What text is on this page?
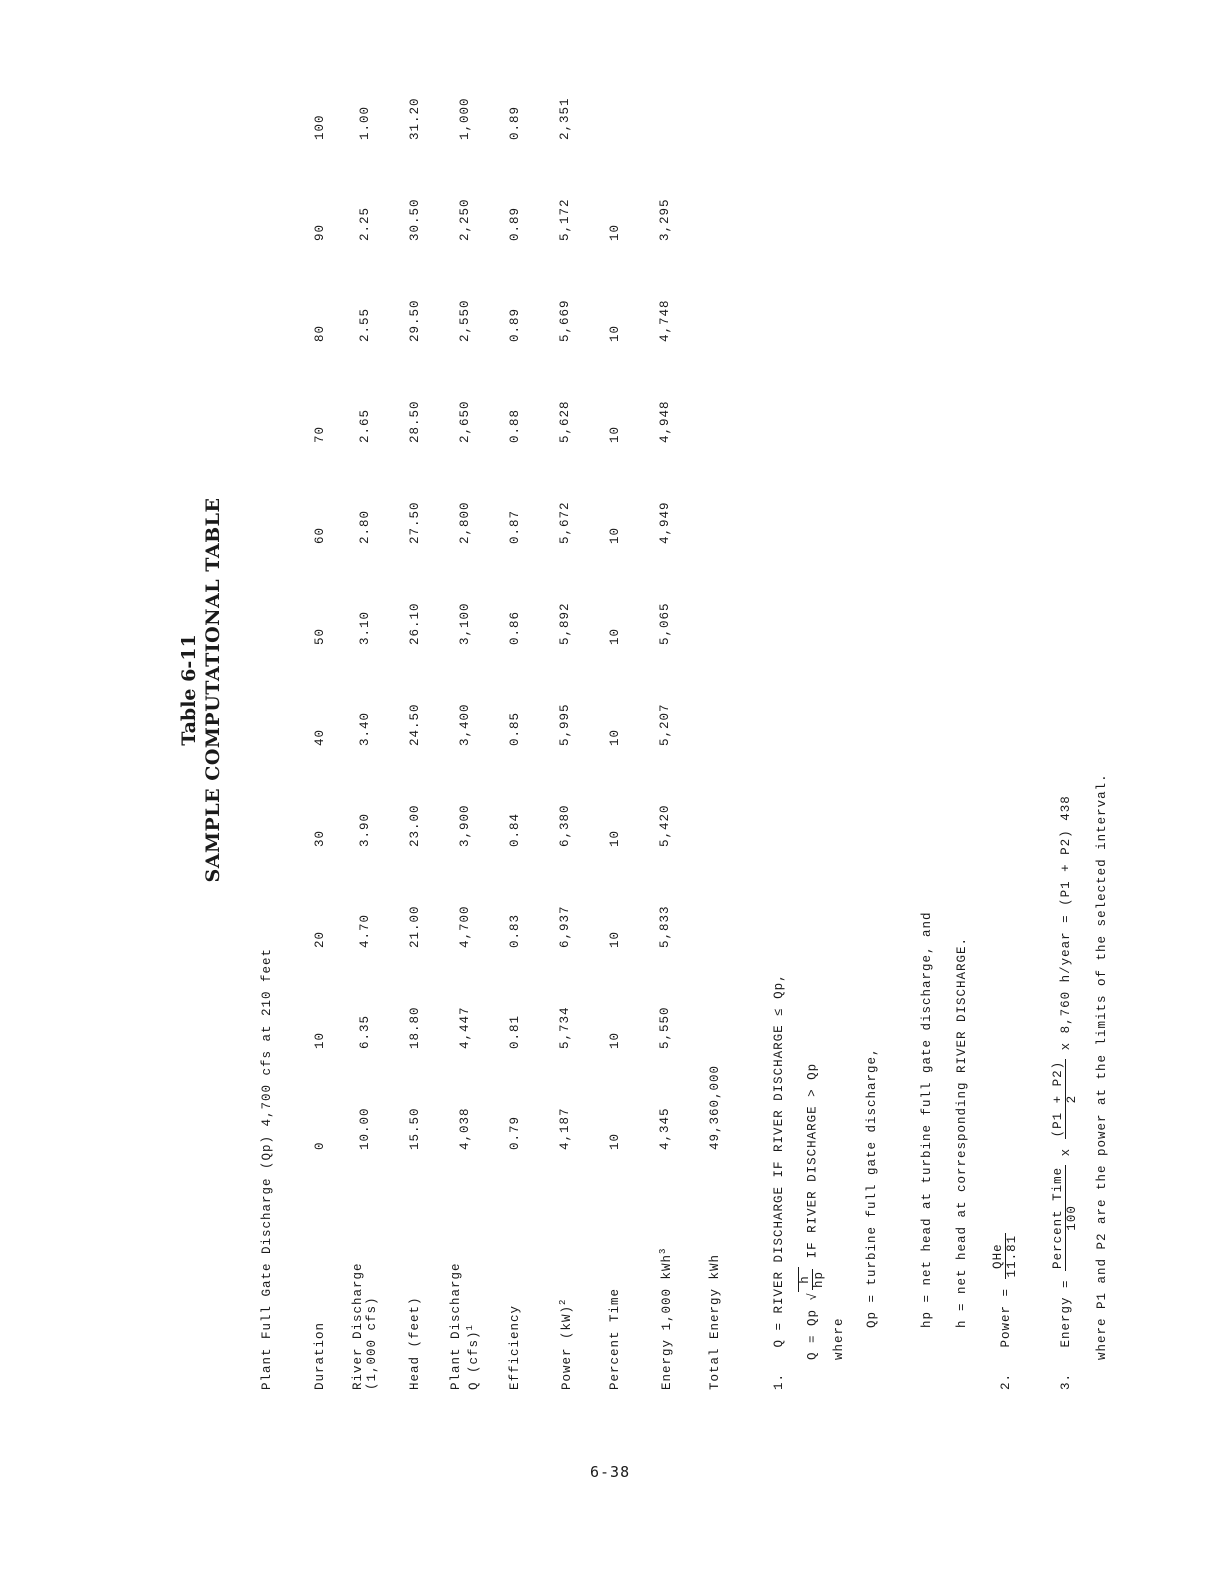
Table 6-11 SAMPLE COMPUTATIONAL TABLE
Plant Full Gate Discharge (Qp) 4,700 cfs at 210 feet	Duration	0	10	20	30	40	50	60	70	80	90	100
River Discharge
(1,000 cfs)	10.00	6.35	4.70	3.90	3.40	3.10	2.80	2.65	2.55	2.25	1.00
Head (feet)	15.50	18.80	21.00	23.00	24.50	26.10	27.50	28.50	29.50	30.50	31.20
Plant Discharge Q (cfs)$^1$	4,038	4,447	4,700	3,900	3,400	3,100	2,800	2,650	2,550	2,250	1,000
Efficiency	0.79	0.81	0.83	0.84	0.85	0.86	0.87	0.88	0.89	0.89	0.89
Power (kW)$^2$	4,187	5,734	6,937	6,380	5,995	5,892	5,672	5,628	5,669	5,172	2,351
Percent Time	10	10	10	10	10	10	10	10	10	10	
Energy 1,000 kWh$^3$	4,345	5,550	5,833	5,420	5,207	5,065	4,949	4,948	4,748	3,295	
Total Energy kWh	49,360,000										
1.   Q = RIVER DISCHARGE IF RIVER DISCHARGE ≤ Qp,	Q = Qp √
h hp
IF RIVER DISCHARGE > Qp
where
Qp = turbine full gate discharge,	hp = net head at turbine full gate discharge, and h = net head at corresponding RIVER DISCHARGE.
2.   Power =
QHe 11.81
3.   Energy =
Percent Time 100
x
(P1 + P2) 2
x 8,760 h/year = (P1 + P2) 438	where P1 and P2 are the power at the limits of the selected interval.
6-38
